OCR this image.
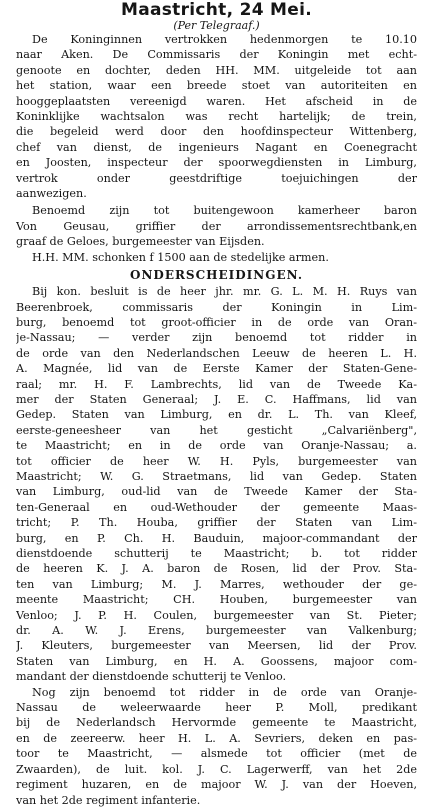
Maastricht, 24 Mei.

(Per Telegraaf.)

De Koninginnen vertrokken hedenmorgen te 10.10
naar Aken. De Commissaris der Koningin met echt-
genoote en dochter, deden HH. MM. uitgeleide tot aan
het station, waar een breede stoet van autoriteiten en
hooggeplaatsten vereenigd waren. Het afscheid in de
Koninklijke wachtsalon was recht hartelijk; de trein,
die begeleid werd door den hoofdinspecteur Wittenberg,
chef van dienst, de ingenieurs Nagant en Coenegracht
en Joosten, inspecteur der spoorwegdiensten in Limburg,
vertrok onder geestdriftige toejuichingen der
aanwezigen.
Benoemd zijn tot buitengewoon kamerheer baron
Von Geusau, griffier der arrondissementsrechtbank,en
graaf de Geloes, burgemeester van Eijsden.
H.H. MM. schonken f 1500 aan de stedelijke armen.
ONDERSCHEIDINGEN.
Bij kon. besluit is de heer jhr. mr. G. L. M. H. Ruys van
Beerenbroek, commissaris der Koningin in Lim-
burg, benoemd tot groot-officier in de orde van Oran-
je-Nassau; — verder zijn benoemd tot ridder in
de orde van den Nederlandschen Leeuw de heeren L. H.
A. Magnée, lid van de Eerste Kamer der Staten-Gene-
raal; mr. H. F. Lambrechts, lid van de Tweede Ka-
mer der Staten Generaal; J. E. C. Haffmans, lid van
Gedep. Staten van Limburg, en dr. L. Th. van Kleef,
eerste-geneesheer van het gesticht „Calvariënberg",
te Maastricht; en in de orde van Oranje-Nassau; a.
tot officier de heer W. H. Pyls, burgemeester van
Maastricht; W. G. Straetmans, lid van Gedep. Staten
van Limburg, oud-lid van de Tweede Kamer der Sta-
ten-Generaal en oud-Wethouder der gemeente Maas-
tricht; P. Th. Houba, griffier der Staten van Lim-
burg, en P. Ch. H. Bauduin, majoor-commandant der
dienstdoende schutterij te Maastricht; b. tot ridder
de heeren K. J. A. baron de Rosen, lid der Prov. Sta-
ten van Limburg; M. J. Marres, wethouder der ge-
meente Maastricht; CH. Houben, burgemeester van
Venloo; J. P. H. Coulen, burgemeester van St. Pieter;
dr. A. W. J. Erens, burgemeester van Valkenburg;
J. Kleuters, burgemeester van Meersen, lid der Prov.
Staten van Limburg, en H. A. Goossens, majoor com-
mandant der dienstdoende schutterij te Venloo.
Nog zijn benoemd tot ridder in de orde van Oranje-
Nassau de weleerwaarde heer P. Moll, predikant
bij de Nederlandsch Hervormde gemeente te Maastricht,
en de zeereerw. heer H. L. A. Sevriers, deken en pas-
toor te Maastricht, — alsmede tot officier (met de
Zwaarden), de luit. kol. J. C. Lagerwerff, van het 2de
regiment huzaren, en de majoor W. J. van der Hoeven,
van het 2de regiment infanterie.
